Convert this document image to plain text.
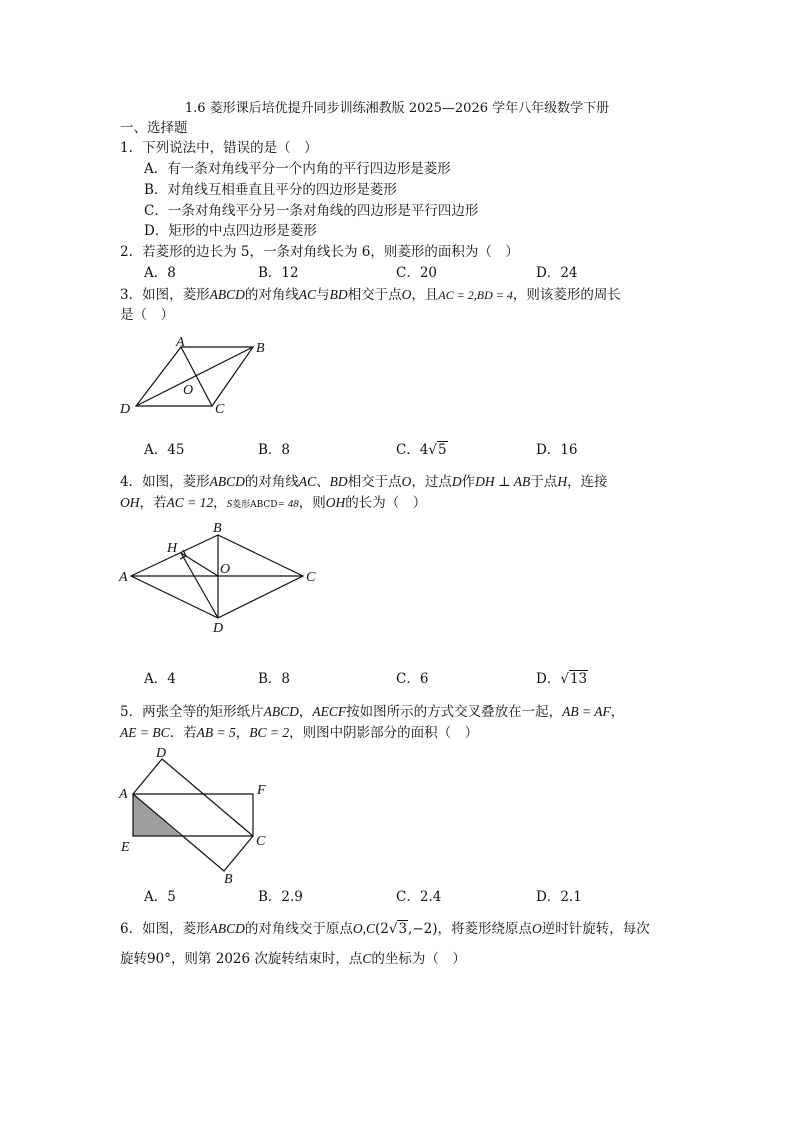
1.6 菱形课后培优提升同步训练湘教版 2025—2026 学年八年级数学下册
一、选择题
1．下列说法中，错误的是（　）
A．有一条对角线平分一个内角的平行四边形是菱形
B．对角线互相垂直且平分的四边形是菱形
C．一条对角线平分另一条对角线的四边形是平行四边形
D．矩形的中点四边形是菱形
2．若菱形的边长为 5，一条对角线长为 6，则菱形的面积为（　）
A．8	B．12	C．20	D．24
3．如图，菱形ABCD的对角线AC与BD相交于点O，且AC = 2,BD = 4，则该菱形的周长
是（　）
A	B
C
D
O
A．45	B．8	C．4√5	D．16
4．如图，菱形ABCD的对角线AC、BD相交于点O，过点D作DH ⊥ AB于点H，连接
OH，若AC = 12，S菱形ABCD= 48，则OH的长为（　）
A
B
C
D
O
H
A．4	B．8	C．6	D．√13
5．两张全等的矩形纸片ABCD，AECF按如图所示的方式交叉叠放在一起，AB = AF，
AE = BC．若AB = 5，BC = 2，则图中阴影部分的面积（　）
D
A	F
E	C
B
A．5	B．2.9	C．2.4	D．2.1
6．如图，菱形ABCD的对角线交于原点O,C(2√3,−2)，将菱形绕原点O逆时针旋转，每次
旋转90°，则第 2026 次旋转结束时，点C的坐标为（　）
